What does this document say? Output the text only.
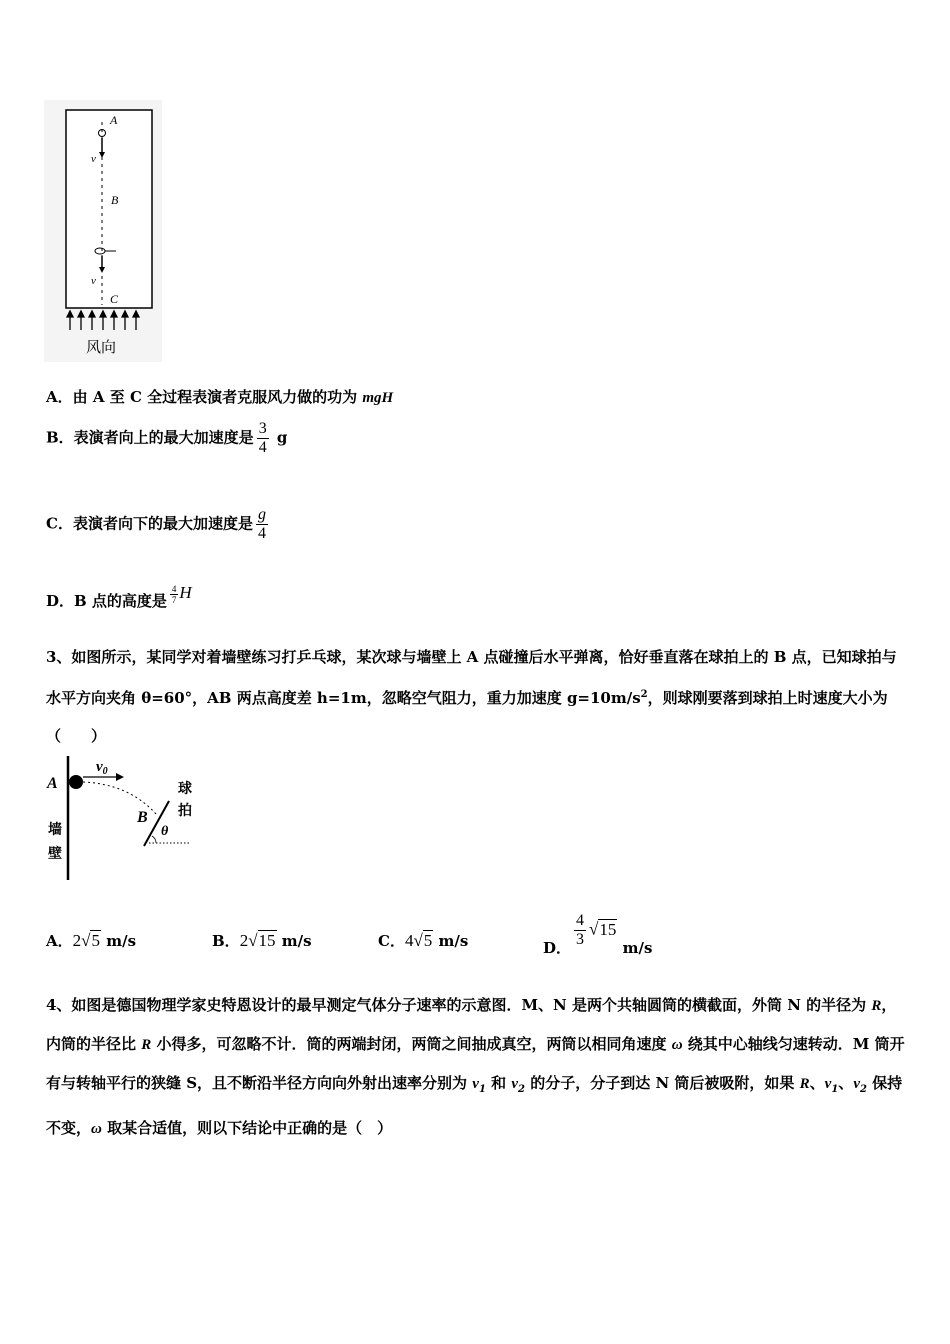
A
B
C
v
v
风向
A．由 A 至 C 全过程表演者克服风力做的功为 mgH
B．表演者向上的最大加速度是 $\frac{3}{4}$ g
C．表演者向下的最大加速度是 $\frac{g}{4}$
D．B 点的高度是 $\frac{4}{7}$ H
3、如图所示，某同学对着墙壁练习打乒乓球，某次球与墙壁上 A 点碰撞后水平弹离，恰好垂直落在球拍上的 B 点，已知球拍与水平方向夹角 θ=60°，AB 两点高度差 h=1m，忽略空气阻力，重力加速度 $g=10m/s^2$，则球刚要落到球拍上时速度大小为（　　）
A
$v_0$
B
θ
球
拍
墙
壁
A．2√5 m/s	B．2√15 m/s	C．4√5 m/s	D． $\frac{4}{3} √15$ m/s
4、如图是德国物理学家史特恩设计的最早测定气体分子速率的示意图．M、N 是两个共轴圆筒的横截面，外筒 N 的半径为 R，内筒的半径比 R 小得多，可忽略不计．筒的两端封闭，两筒之间抽成真空，两筒以相同角速度 ω 绕其中心轴线匀速转动．M 筒开有与转轴平行的狭缝 S，且不断沿半径方向向外射出速率分别为 $v_1$ 和 $v_2$ 的分子，分子到达 N 筒后被吸附，如果 R、$v_1$、$v_2$ 保持不变，ω 取某合适值，则以下结论中正确的是（　）
